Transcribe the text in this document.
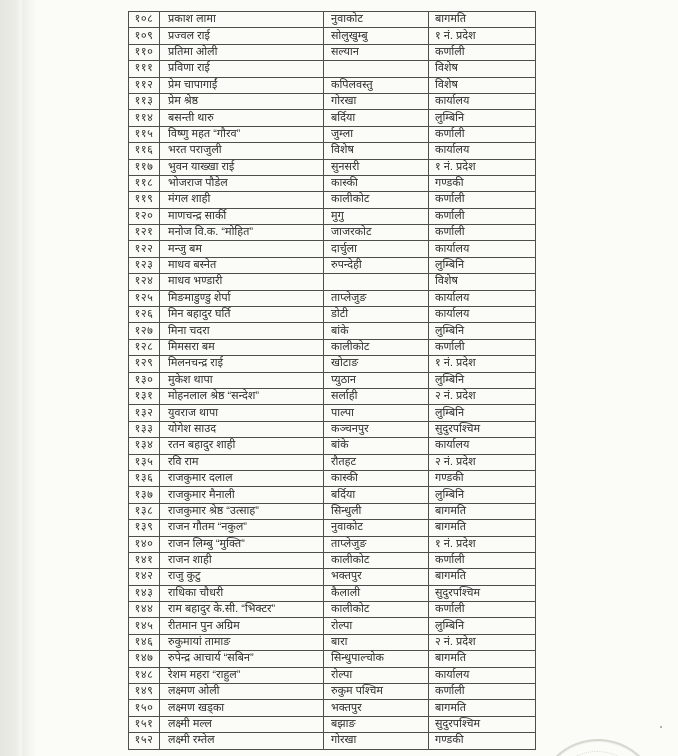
१०८	प्रकाश लामा	नुवाकोट	बागमति
१०९	प्रज्वल राई	सोलुखुम्बु	१ नं. प्रदेश
११०	प्रतिमा ओली	सल्यान	कर्णाली
१११	प्रविणा राई		विशेष
११२	प्रेम चापागाईं	कपिलवस्तु	विशेष
११३	प्रेम श्रेष्ठ	गोरखा	कार्यालय
११४	बसन्ती थारु	बर्दिया	लुम्बिनि
११५	विष्णु महत “गौरव”	जुम्ला	कर्णाली
११६	भरत पराजुली	विशेष	कार्यालय
११७	भुवन याख्खा राई	सुनसरी	१ नं. प्रदेश
११८	भोजराज पौडेल	कास्की	गण्डकी
११९	मंगल शाही	कालीकोट	कर्णाली
१२०	माणचन्द्र सार्की	मुगु	कर्णाली
१२१	मनोज वि.क. “मोहित”	जाजरकोट	कर्णाली
१२२	मन्जु बम	दार्चुला	कार्यालय
१२३	माधव बस्नेत	रुपन्देही	लुम्बिनि
१२४	माधव भण्डारी		विशेष
१२५	मिङमाडुण्डु शेर्पा	ताप्लेजुङ	कार्यालय
१२६	मिन बहादुर घर्ति	डोटी	कार्यालय
१२७	मिना चदरा	बांके	लुम्बिनि
१२८	मिमसरा बम	कालीकोट	कर्णाली
१२९	मिलनचन्द्र राई	खोटाङ	१ नं. प्रदेश
१३०	मुकेश थापा	प्युठान	लुम्बिनि
१३१	मोहनलाल श्रेष्ठ “सन्देश”	सर्लाही	२ नं. प्रदेश
१३२	युवराज थापा	पाल्पा	लुम्बिनि
१३३	योगेश साउद	कञ्चनपुर	सुदुरपश्चिम
१३४	रतन बहादुर शाही	बांके	कार्यालय
१३५	रवि राम	रौतहट	२ नं. प्रदेश
१३६	राजकुमार दलाल	कास्की	गण्डकी
१३७	राजकुमार मैनाली	बर्दिया	लुम्बिनि
१३८	राजकुमार श्रेष्ठ “उत्साह”	सिन्धुली	बागमति
१३९	राजन गौतम “नकुल”	नुवाकोट	बागमति
१४०	राजन लिम्बु “मुक्ति”	ताप्लेजुङ	१ नं. प्रदेश
१४१	राजन शाही	कालीकोट	कर्णाली
१४२	राजु कुटु	भक्तपुर	बागमति
१४३	राधिका चौधरी	कैलाली	सुदुरपश्चिम
१४४	राम बहादुर के.सी. “भिक्टर”	कालीकोट	कर्णाली
१४५	रीतमान पुन अग्रिम	रोल्पा	लुम्बिनि
१४६	रुकुमायां तामाङ	बारा	२ नं. प्रदेश
१४७	रुपेन्द्र आचार्य “सबिन”	सिन्धुपाल्चोक	बागमति
१४८	रेशम महरा “राहुल”	रोल्पा	कार्यालय
१४९	लक्ष्मण ओली	रुकुम पश्चिम	कर्णाली
१५०	लक्ष्मण खड्का	भक्तपुर	बागमति
१५१	लक्ष्मी मल्ल	बझाङ	सुदुरपश्चिम
१५२	लक्ष्मी रम्तेल	गोरखा	गण्डकी
